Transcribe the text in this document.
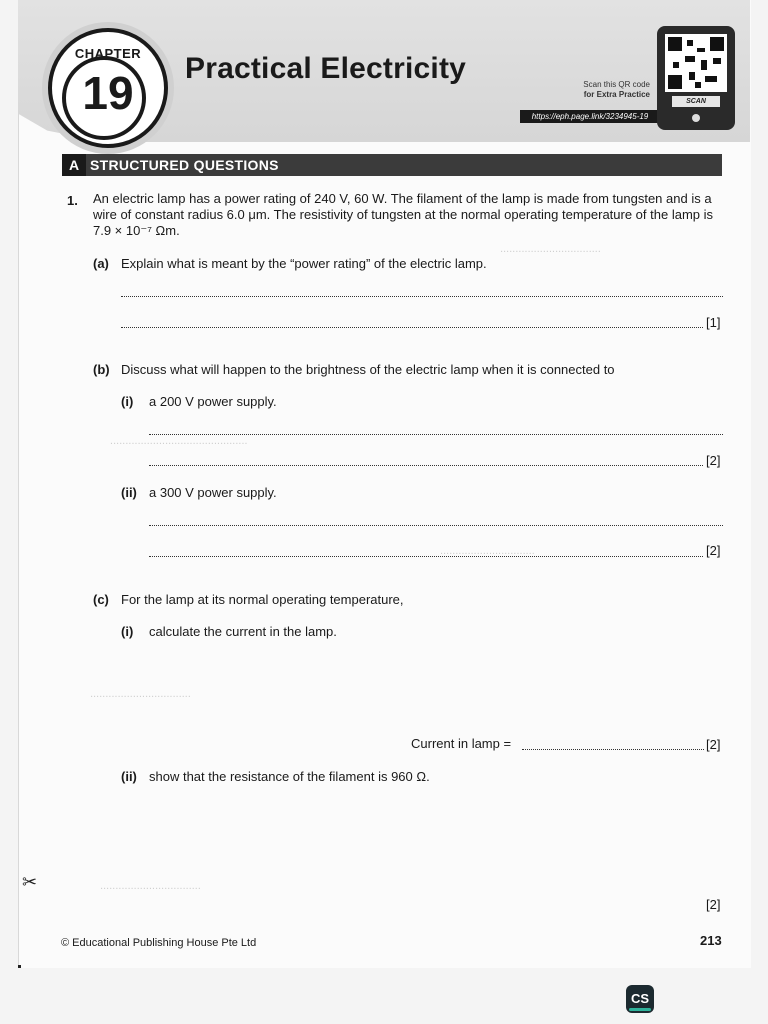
CHAPTER
19	Practical Electricity	Scan this QR code
for Extra Practice
https://eph.page.link/3234945-19
SCAN
A STRUCTURED QUESTIONS
.................................
.............................................
...............................
.................................
.................................
1. An electric lamp has a power rating of 240 V, 60 W. The filament of the lamp is made from tungsten and is a wire of constant radius 6.0 μm. The resistivity of tungsten at the normal operating temperature of the lamp is 7.9 × 10⁻⁷ Ωm.
(a) Explain what is meant by the “power rating” of the electric lamp.
[1]
(b) Discuss what will happen to the brightness of the electric lamp when it is connected to
(i) a 200 V power supply.
[2]
(ii) a 300 V power supply.
[2]
(c) For the lamp at its normal operating temperature,
(i) calculate the current in the lamp.
Current in lamp =	[2]
(ii) show that the resistance of the filament is 960 Ω.
[2]
✂
© Educational Publishing House Pte Ltd	213
CS
